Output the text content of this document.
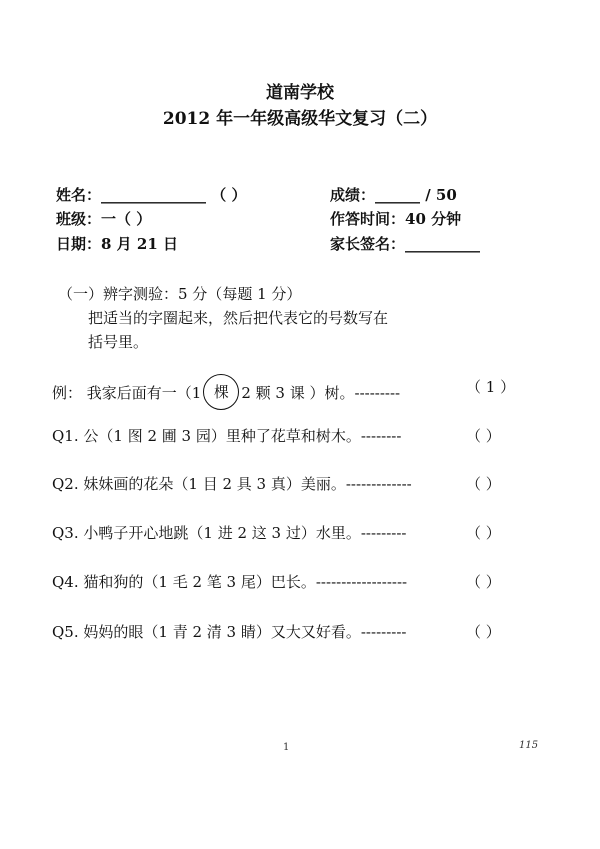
道南学校
2012 年一年级高级华文复习（二）
姓名：______________ （ ）	成绩：______ / 50
班级：一（ ）	作答时间：40 分钟
日期：8 月 21 日	家长签名：__________
（一）辨字测验：5 分（每题 1 分）
把适当的字圈起来，然后把代表它的号数写在
括号里。
例： 我家后面有一（1 棵 2 颗 3 课 ）树。---------	（ 1 ）
Q1. 公（1 图 2 圃 3 园）里种了花草和树木。--------	（ ）
Q2. 妹妹画的花朵（1 目 2 具 3 真）美丽。-------------	（ ）
Q3. 小鸭子开心地跳（1 进 2 这 3 过）水里。---------	（ ）
Q4. 猫和狗的（1 毛 2 笔 3 尾）巴长。------------------	（ ）
Q5. 妈妈的眼（1 青 2 清 3 睛）又大又好看。---------	（ ）
1	115
